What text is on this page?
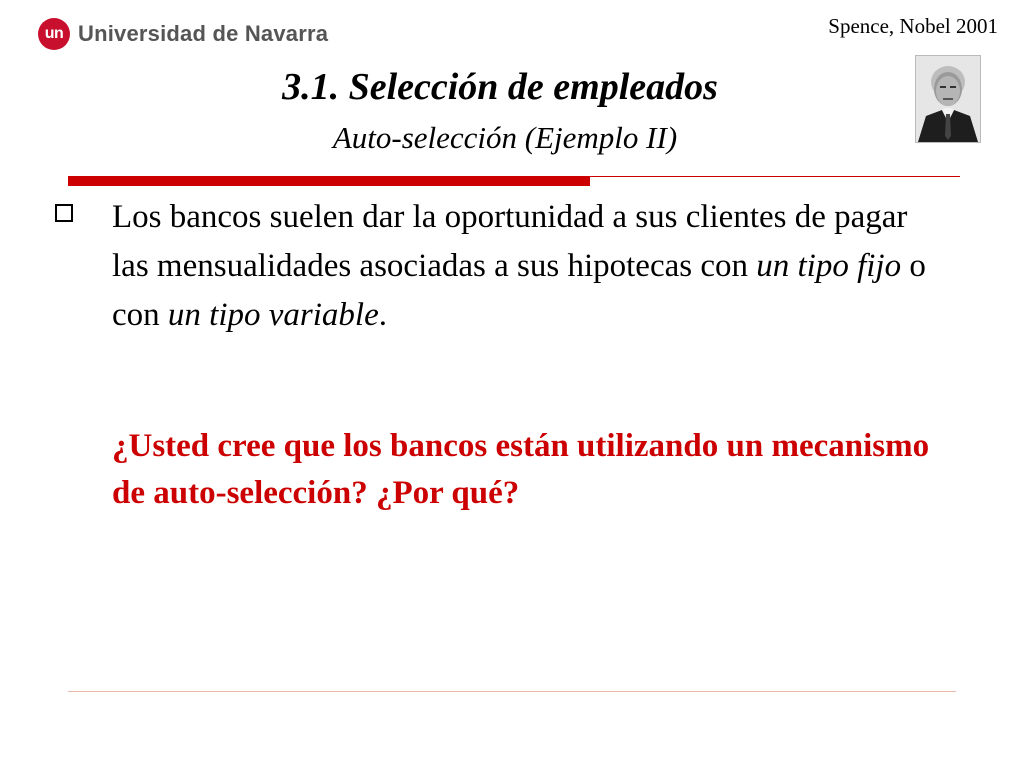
un Universidad de Navarra	Spence, Nobel 2001
3.1. Selección de empleados
Auto-selección (Ejemplo II)
Los bancos suelen dar la oportunidad a sus clientes de pagar las mensualidades asociadas a sus hipotecas con un tipo fijo o con un tipo variable.
¿Usted cree que los bancos están utilizando un mecanismo de auto-selección? ¿Por qué?
